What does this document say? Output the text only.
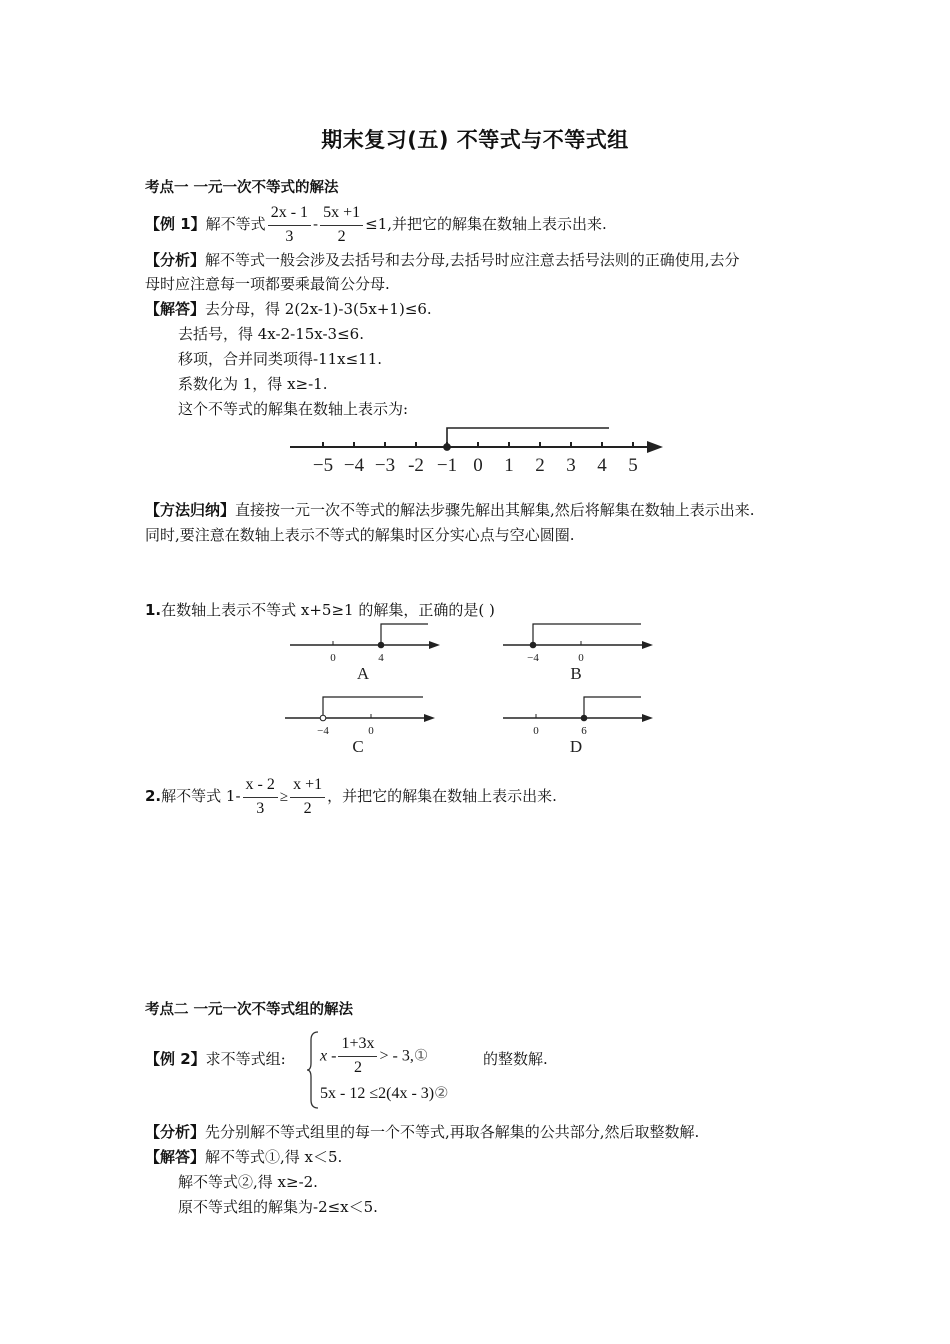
期末复习(五) 不等式与不等式组
考点一 一元一次不等式的解法
【例 1】解不等式 $\frac{2x - 1}{3} - \frac{5x +1}{2} \le 1$,并把它的解集在数轴上表示出来.
【分析】解不等式一般会涉及去括号和去分母,去括号时应注意去括号法则的正确使用,去分
母时应注意每一项都要乘最简公分母.
【解答】去分母，得 2(2x-1)-3(5x+1)≤6.
去括号，得 4x-2-15x-3≤6.
移项，合并同类项得-11x≤11.
系数化为 1，得 x≥-1.
这个不等式的解集在数轴上表示为:
−5 −4 −3 -2 −1 0 1 2 3 4 5
【方法归纳】直接按一元一次不等式的解法步骤先解出其解集,然后将解集在数轴上表示出来.
同时,要注意在数轴上表示不等式的解集时区分实心点与空心圆圈.
1.在数轴上表示不等式 x+5≥1 的解集，正确的是( )
0	4
A
−4	0
B
−4	0
C
0	6
D
2.解不等式 $1- \frac{x - 2}{3} \ge \frac{x +1}{2}$ ，并把它的解集在数轴上表示出来.
考点二 一元一次不等式组的解法
【例 2】求不等式组: x - $\frac{1+3x}{2}$ > - 3,①
5x - 12 ≤2(4x - 3)②
的整数解.
【分析】先分别解不等式组里的每一个不等式,再取各解集的公共部分,然后取整数解.
【解答】解不等式①,得 x＜5.
解不等式②,得 x≥-2.
原不等式组的解集为-2≤x＜5.
